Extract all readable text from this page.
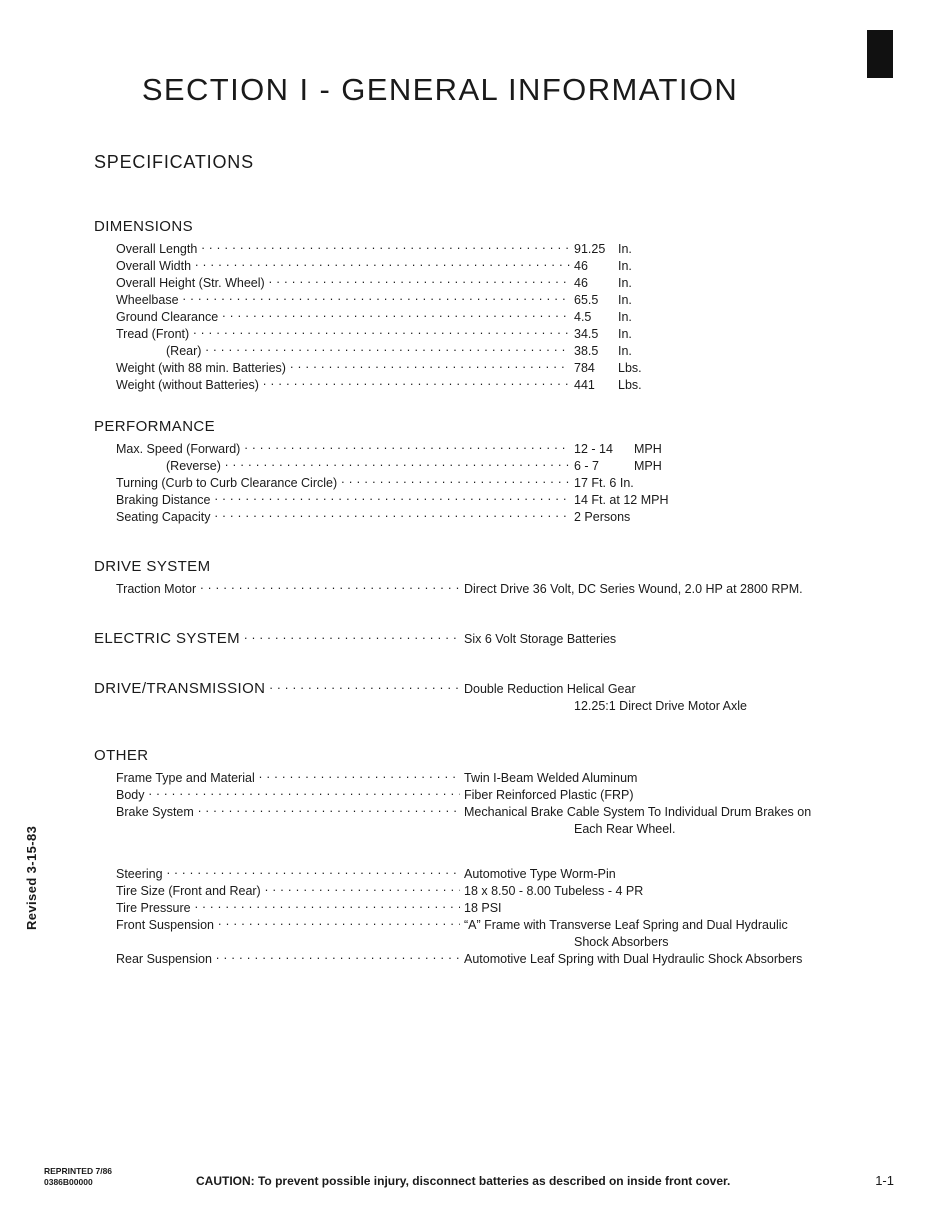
Revised 3-15-83
SECTION I - GENERAL INFORMATION
SPECIFICATIONS
DIMENSIONS
Overall Length . . .	91.25 In.
Overall Width . . .	46 In.
Overall Height (Str. Wheel) . . .	46 In.
Wheelbase . . .	65.5 In.
Ground Clearance . . .	4.5 In.
Tread (Front) . . .	34.5 In.
(Rear) . . .	38.5 In.
Weight (with 88 min. Batteries) . . .	784 Lbs.
Weight (without Batteries) . . .	441 Lbs.
PERFORMANCE
Max. Speed (Forward) . . .	12 - 14 MPH
(Reverse) . . .	6 - 7	MPH
Turning (Curb to Curb Clearance Circle) . . .	17 Ft. 6 In.
Braking Distance . . .	14 Ft. at 12 MPH
Seating Capacity . . .	2 Persons
DRIVE SYSTEM
Traction Motor . . .	Direct Drive 36 Volt, DC Series Wound, 2.0 HP at 2800 RPM.
ELECTRIC SYSTEM . . .	Six 6 Volt Storage Batteries
DRIVE/TRANSMISSION . . .	Double Reduction Helical Gear
12.25:1 Direct Drive Motor Axle
OTHER
Frame Type and Material . . .	Twin I-Beam Welded Aluminum
Body . . .	Fiber Reinforced Plastic (FRP)
Brake System . . .	Mechanical Brake Cable System To Individual Drum Brakes on
Each Rear Wheel.
Steering . . .	Automotive Type Worm-Pin
Tire Size (Front and Rear) . . .	18 x 8.50 - 8.00 Tubeless - 4 PR
Tire Pressure . . .	18 PSI
Front Suspension . . .	“A” Frame with Transverse Leaf Spring and Dual Hydraulic
Shock Absorbers
Rear Suspension . . .	Automotive Leaf Spring with Dual Hydraulic Shock Absorbers
REPRINTED 7/86
0386B00000	CAUTION: To prevent possible injury, disconnect batteries as described on inside front cover.	1-1
